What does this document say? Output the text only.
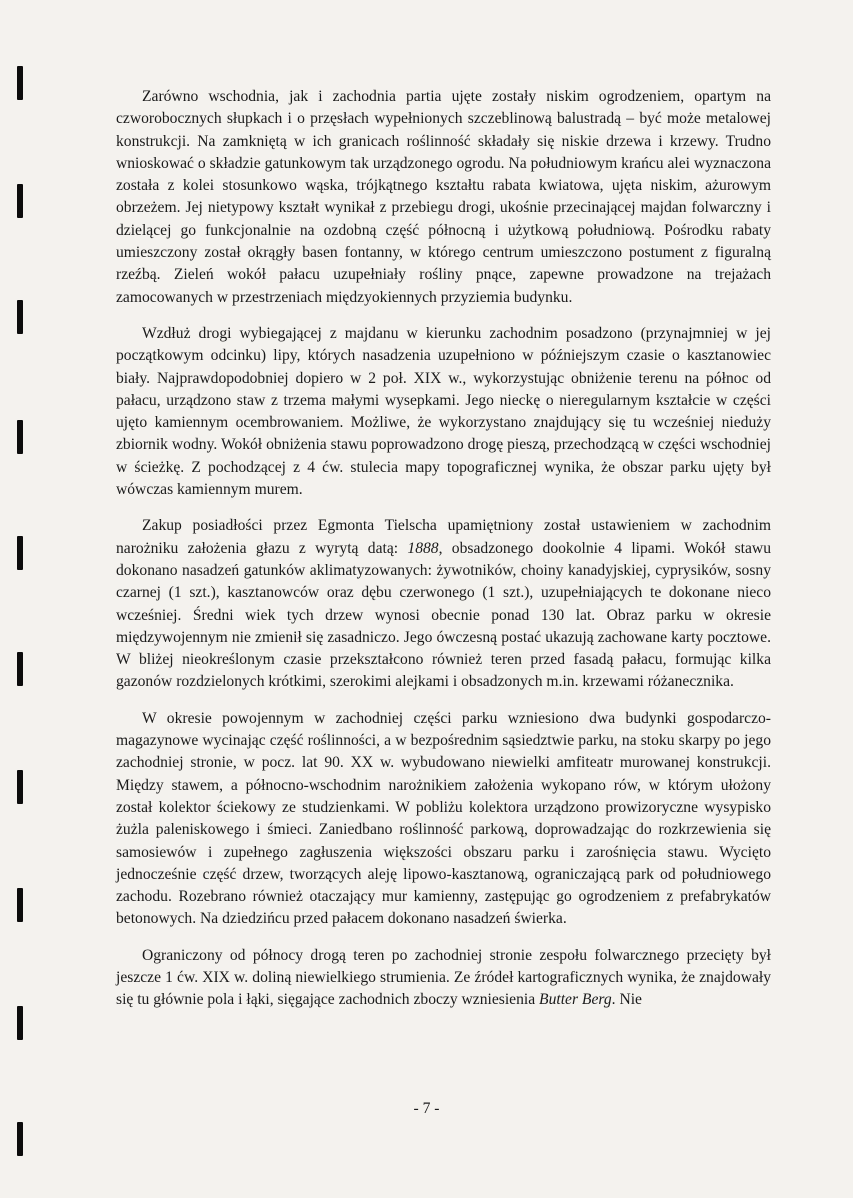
Zarówno wschodnia, jak i zachodnia partia ujęte zostały niskim ogrodzeniem, opartym na czworobocznych słupkach i o przęsłach wypełnionych szczeblinową balustradą – być może metalowej konstrukcji. Na zamkniętą w ich granicach roślinność składały się niskie drzewa i krzewy. Trudno wnioskować o składzie gatunkowym tak urządzonego ogrodu. Na południowym krańcu alei wyznaczona została z kolei stosunkowo wąska, trójkątnego kształtu rabata kwiatowa, ujęta niskim, ażurowym obrzeżem. Jej nietypowy kształt wynikał z przebiegu drogi, ukośnie przecinającej majdan folwarczny i dzielącej go funkcjonalnie na ozdobną część północną i użytkową południową. Pośrodku rabaty umieszczony został okrągły basen fontanny, w którego centrum umieszczono postument z figuralną rzeźbą. Zieleń wokół pałacu uzupełniały rośliny pnące, zapewne prowadzone na trejażach zamocowanych w przestrzeniach międzyokiennych przyziemia budynku.

Wzdłuż drogi wybiegającej z majdanu w kierunku zachodnim posadzono (przynajmniej w jej początkowym odcinku) lipy, których nasadzenia uzupełniono w późniejszym czasie o kasztanowiec biały. Najprawdopodobniej dopiero w 2 poł. XIX w., wykorzystując obniżenie terenu na północ od pałacu, urządzono staw z trzema małymi wysepkami. Jego nieckę o nieregularnym kształcie w części ujęto kamiennym ocembrowaniem. Możliwe, że wykorzystano znajdujący się tu wcześniej nieduży zbiornik wodny. Wokół obniżenia stawu poprowadzono drogę pieszą, przechodzącą w części wschodniej w ścieżkę. Z pochodzącej z 4 ćw. stulecia mapy topograficznej wynika, że obszar parku ujęty był wówczas kamiennym murem.

Zakup posiadłości przez Egmonta Tielscha upamiętniony został ustawieniem w zachodnim narożniku założenia głazu z wyrytą datą: 1888, obsadzonego dookolnie 4 lipami. Wokół stawu dokonano nasadzeń gatunków aklimatyzowanych: żywotników, choiny kanadyjskiej, cyprysików, sosny czarnej (1 szt.), kasztanowców oraz dębu czerwonego (1 szt.), uzupełniających te dokonane nieco wcześniej. Średni wiek tych drzew wynosi obecnie ponad 130 lat. Obraz parku w okresie międzywojennym nie zmienił się zasadniczo. Jego ówczesną postać ukazują zachowane karty pocztowe. W bliżej nieokreślonym czasie przekształcono również teren przed fasadą pałacu, formując kilka gazonów rozdzielonych krótkimi, szerokimi alejkami i obsadzonych m.in. krzewami różanecznika.

W okresie powojennym w zachodniej części parku wzniesiono dwa budynki gospodarczo-magazynowe wycinając część roślinności, a w bezpośrednim sąsiedztwie parku, na stoku skarpy po jego zachodniej stronie, w pocz. lat 90. XX w. wybudowano niewielki amfiteatr murowanej konstrukcji. Między stawem, a północno-wschodnim narożnikiem założenia wykopano rów, w którym ułożony został kolektor ściekowy ze studzienkami. W pobliżu kolektora urządzono prowizoryczne wysypisko żużla paleniskowego i śmieci. Zaniedbano roślinność parkową, doprowadzając do rozkrzewienia się samosiewów i zupełnego zagłuszenia większości obszaru parku i zarośnięcia stawu. Wycięto jednocześnie część drzew, tworzących aleję lipowo-kasztanową, ograniczającą park od południowego zachodu. Rozebrano również otaczający mur kamienny, zastępując go ogrodzeniem z prefabrykatów betonowych. Na dziedzińcu przed pałacem dokonano nasadzeń świerka.

Ograniczony od północy drogą teren po zachodniej stronie zespołu folwarcznego przecięty był jeszcze 1 ćw. XIX w. doliną niewielkiego strumienia. Ze źródeł kartograficznych wynika, że znajdowały się tu głównie pola i łąki, sięgające zachodnich zboczy wzniesienia Butter Berg. Nie

- 7 -
